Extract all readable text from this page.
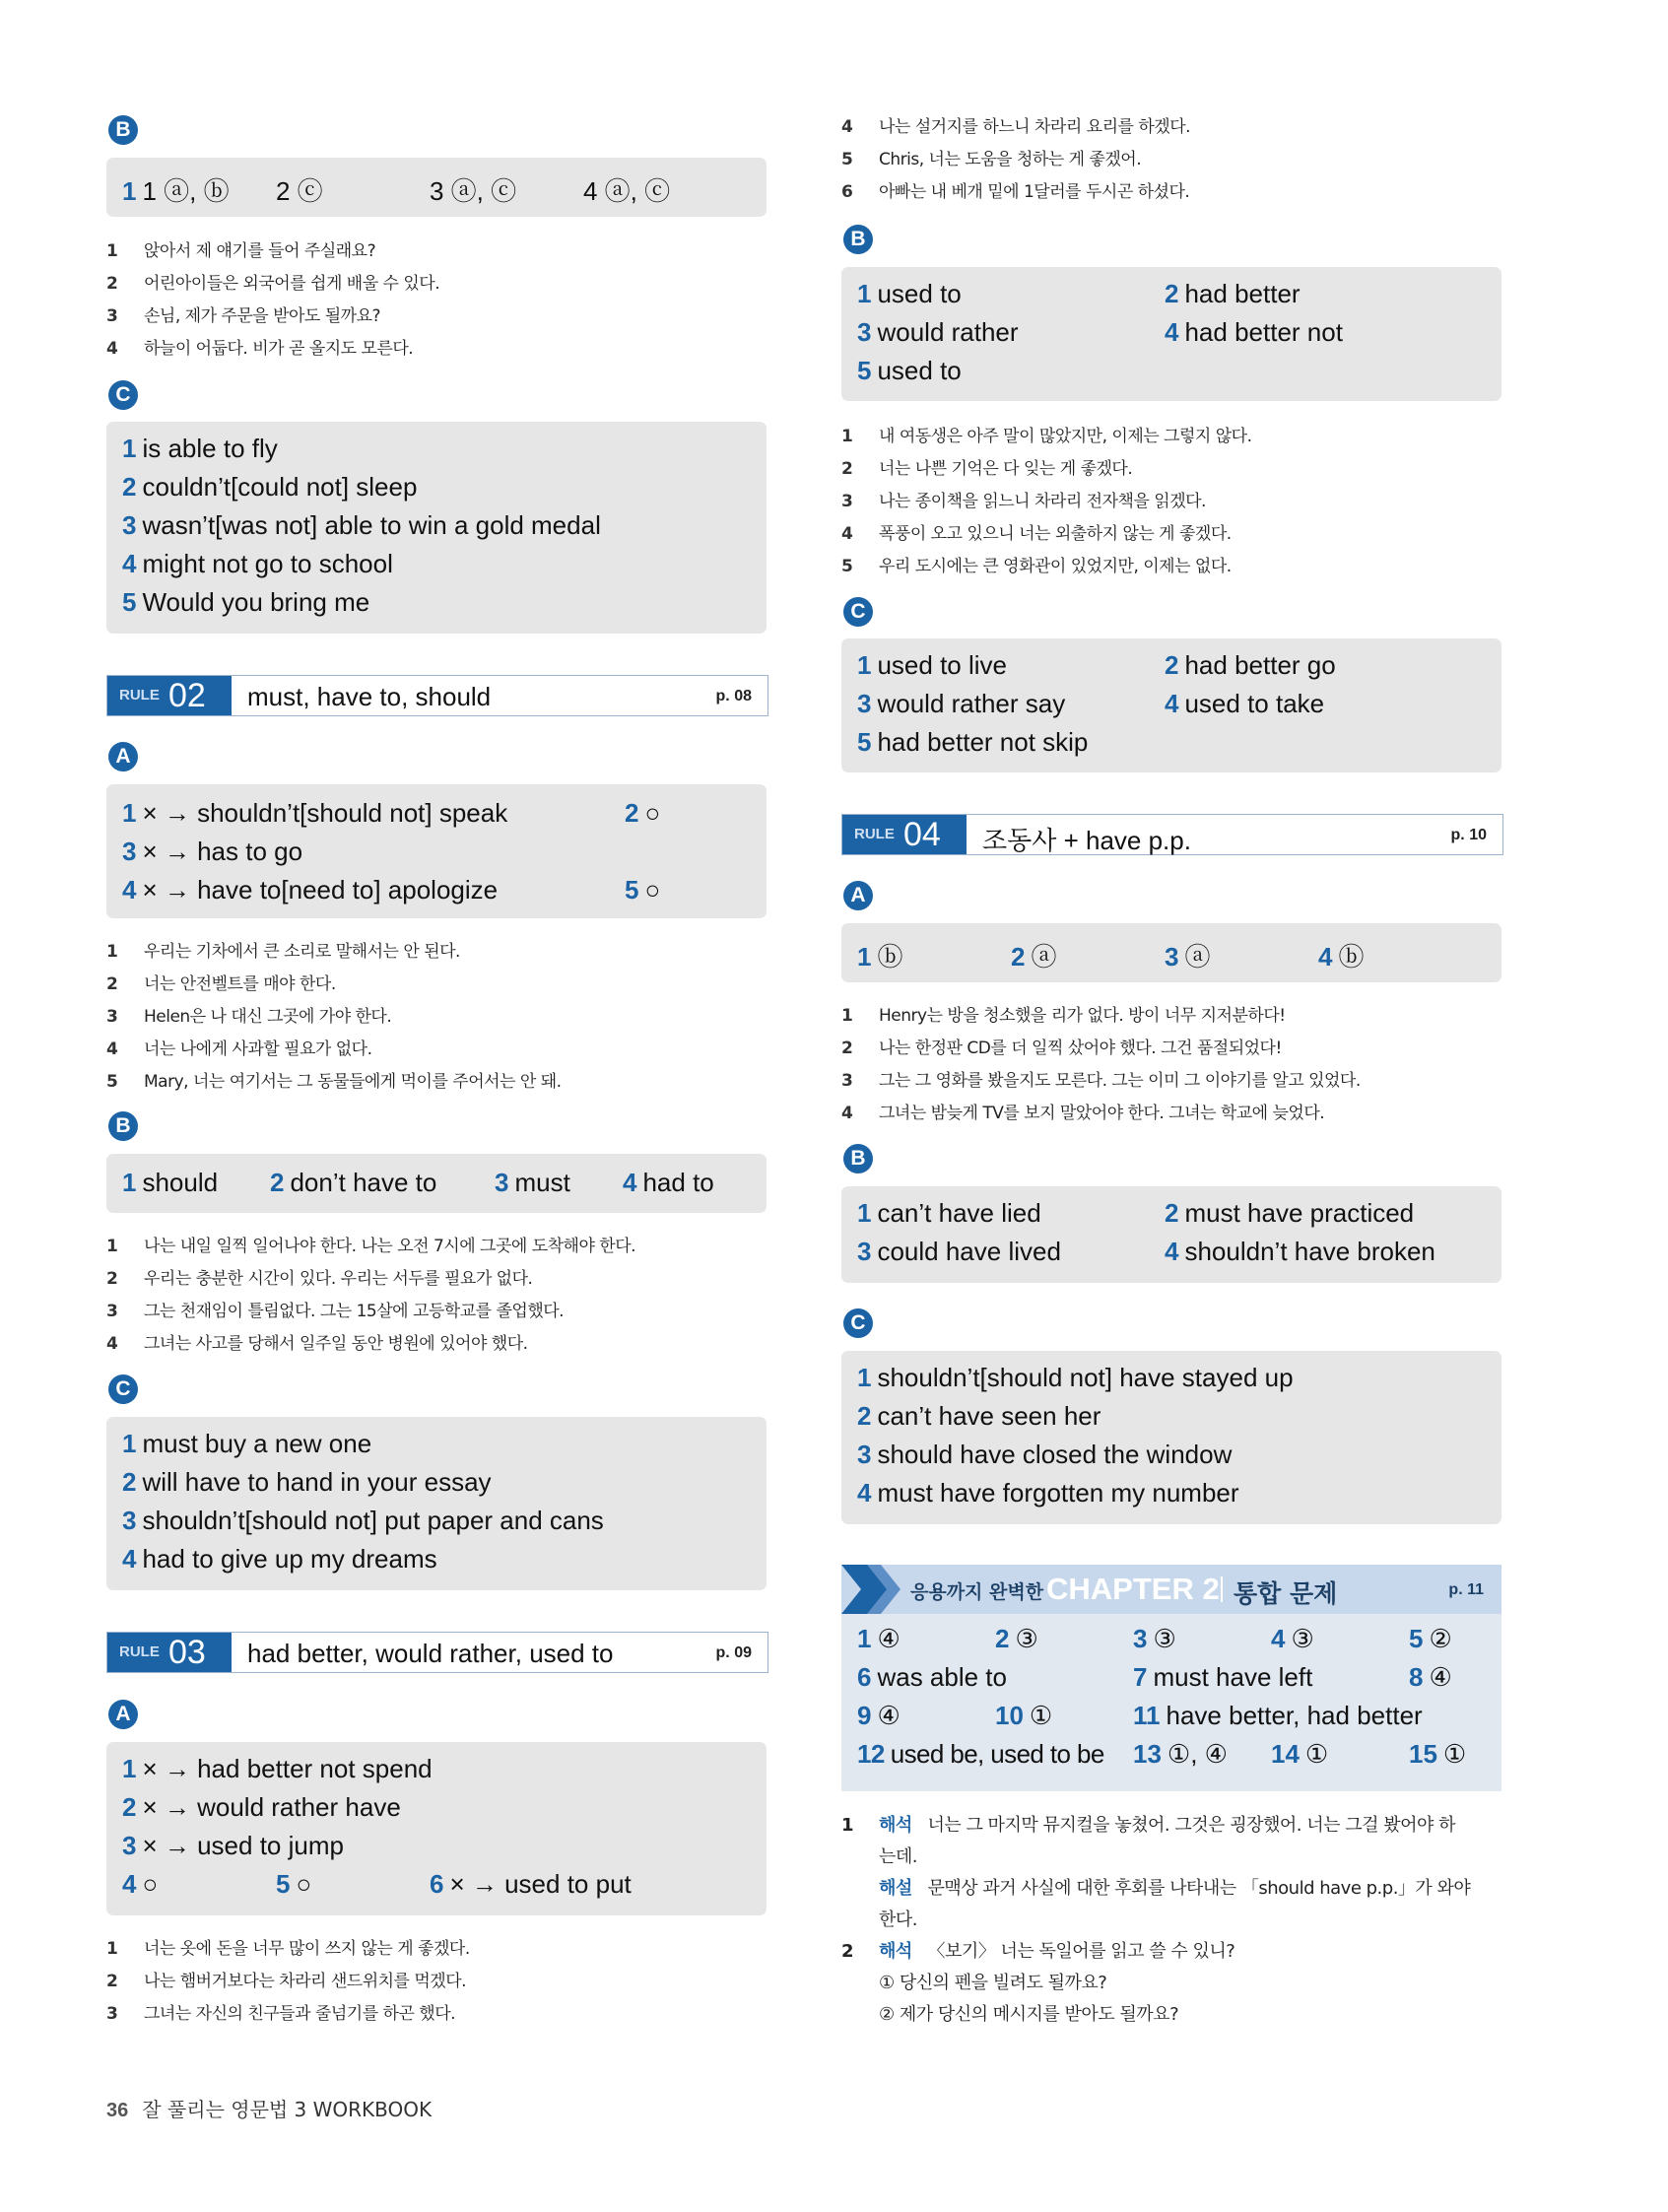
B
1 1 ⓐ, ⓑ 2 ⓒ	3 ⓐ, ⓒ	4 ⓐ, ⓒ
1 앉아서 제 얘기를 들어 주실래요?
2 어린아이들은 외국어를 쉽게 배울 수 있다.
3 손님, 제가 주문을 받아도 될까요?
4 하늘이 어둡다. 비가 곧 올지도 모른다.
C
1 is able to fly
2 couldn’t[could not] sleep
3 wasn’t[was not] able to win a gold medal
4 might not go to school
5 Would you bring me
RULE 02 must, have to, should	p. 08
A
1 × → shouldn’t[should not] speak	2 ○
3 × → has to go
4 × → have to[need to] apologize	5 ○
1 우리는 기차에서 큰 소리로 말해서는 안 된다.
2 너는 안전벨트를 매야 한다.
3 Helen은 나 대신 그곳에 가야 한다.
4 너는 나에게 사과할 필요가 없다.
5 Mary, 너는 여기서는 그 동물들에게 먹이를 주어서는 안 돼.
B
1 should 2 don’t have to 3 must 4 had to
1 나는 내일 일찍 일어나야 한다. 나는 오전 7시에 그곳에 도착해야 한다.
2 우리는 충분한 시간이 있다. 우리는 서두를 필요가 없다.
3 그는 천재임이 틀림없다. 그는 15살에 고등학교를 졸업했다.
4 그녀는 사고를 당해서 일주일 동안 병원에 있어야 했다.
C
1 must buy a new one
2 will have to hand in your essay
3 shouldn’t[should not] put paper and cans
4 had to give up my dreams
RULE 03 had better, would rather, used to	p. 09
A
1 × → had better not spend
2 × → would rather have
3 × → used to jump
4 ○	5 ○	6 × → used to put
1 너는 옷에 돈을 너무 많이 쓰지 않는 게 좋겠다.
2 나는 햄버거보다는 차라리 샌드위치를 먹겠다.
3 그녀는 자신의 친구들과 줄넘기를 하곤 했다.
4 나는 설거지를 하느니 차라리 요리를 하겠다.
5 Chris, 너는 도움을 청하는 게 좋겠어.
6 아빠는 내 베개 밑에 1달러를 두시곤 하셨다.
B
1 used to	2 had better
3 would rather	4 had better not
5 used to
1 내 여동생은 아주 말이 많았지만, 이제는 그렇지 않다.
2 너는 나쁜 기억은 다 잊는 게 좋겠다.
3 나는 종이책을 읽느니 차라리 전자책을 읽겠다.
4 폭풍이 오고 있으니 너는 외출하지 않는 게 좋겠다.
5 우리 도시에는 큰 영화관이 있었지만, 이제는 없다.
C
1 used to live	2 had better go
3 would rather say	4 used to take
5 had better not skip
RULE 04 조동사 + have p.p.	p. 10
A
1 ⓑ	2 ⓐ	3 ⓐ	4 ⓑ
1 Henry는 방을 청소했을 리가 없다. 방이 너무 지저분하다!
2 나는 한정판 CD를 더 일찍 샀어야 했다. 그건 품절되었다!
3 그는 그 영화를 봤을지도 모른다. 그는 이미 그 이야기를 알고 있었다.
4 그녀는 밤늦게 TV를 보지 말았어야 한다. 그녀는 학교에 늦었다.
B
1 can’t have lied	2 must have practiced
3 could have lived	4 shouldn’t have broken
C
1 shouldn’t[should not] have stayed up
2 can’t have seen her
3 should have closed the window
4 must have forgotten my number
응용까지 완벽한 CHAPTER 2 통합 문제	p. 11
1 ④	2 ③	3 ③	4 ③	5 ②
6 was able to	7 must have left	8 ④
9 ④	10 ①	11 have better, had better
12 used be, used to be 13 ①, ④ 14 ①	15 ①
1 해석 너는 그 마지막 뮤지컬을 놓쳤어. 그것은 굉장했어. 너는 그걸 봤어야 하
는데.
해설 문맥상 과거 사실에 대한 후회를 나타내는 「should have p.p.」가 와야
한다.
2 해석 〈보기〉 너는 독일어를 읽고 쓸 수 있니?
① 당신의 펜을 빌려도 될까요?
② 제가 당신의 메시지를 받아도 될까요?
36 잘 풀리는 영문법 3 WORKBOOK
